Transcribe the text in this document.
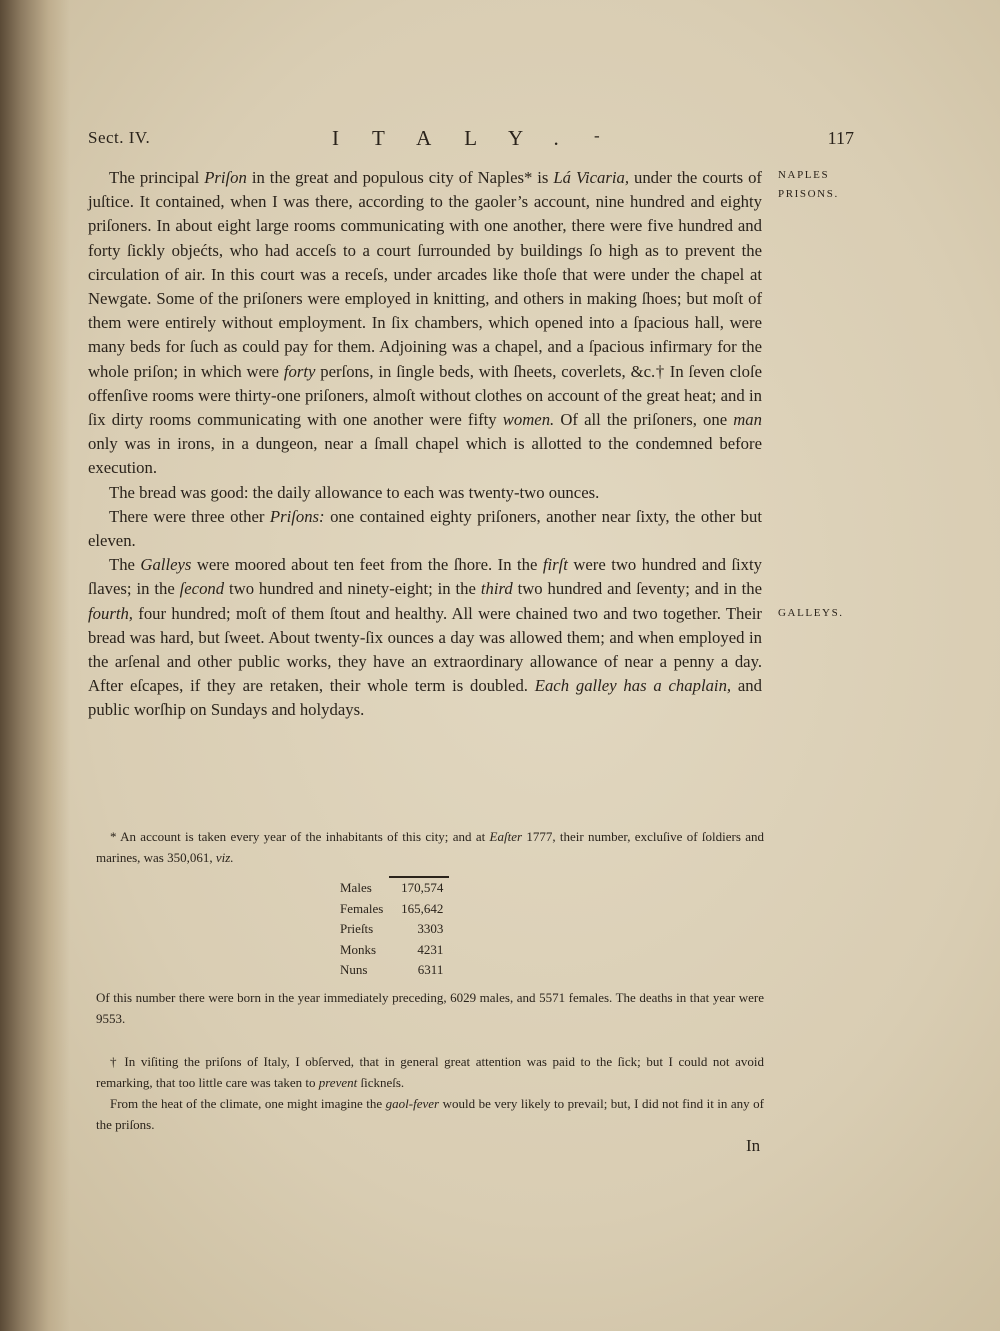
Sect. IV.	ITALY. -	117
NAPLES
PRISONS.
GALLEYS.

The principal Priſon in the great and populous city of Naples* is Lá Vicaria, under the courts of juſtice. It contained, when I was there, according to the gaoler’s account, nine hundred and eighty priſoners. In about eight large rooms communicating with one another, there were five hundred and forty ſickly objećts, who had acceſs to a court ſurrounded by buildings ſo high as to prevent the circulation of air. In this court was a receſs, under arcades like thoſe that were under the chapel at Newgate. Some of the priſoners were employed in knitting, and others in making ſhoes; but moſt of them were entirely without employment. In ſix chambers, which opened into a ſpacious hall, were many beds for ſuch as could pay for them. Adjoining was a chapel, and a ſpacious infirmary for the whole priſon; in which were forty perſons, in ſingle beds, with ſheets, coverlets, &c.† In ſeven cloſe offenſive rooms were thirty-one priſoners, almoſt without clothes on account of the great heat; and in ſix dirty rooms communicating with one another were fifty women. Of all the priſoners, one man only was in irons, in a dungeon, near a ſmall chapel which is allotted to the condemned before execution.

The bread was good: the daily allowance to each was twenty-two ounces.

There were three other Priſons: one contained eighty priſoners, another near ſixty, the other but eleven.

The Galleys were moored about ten feet from the ſhore. In the firſt were two hundred and ſixty ſlaves; in the ſecond two hundred and ninety-eight; in the third two hundred and ſeventy; and in the fourth, four hundred; moſt of them ſtout and healthy. All were chained two and two together. Their bread was hard, but ſweet. About twenty-ſix ounces a day was allowed them; and when employed in the arſenal and other public works, they have an extraordinary allowance of near a penny a day. After eſcapes, if they are retaken, their whole term is doubled. Each galley has a chaplain, and public worſhip on Sundays and holydays.

* An account is taken every year of the inhabitants of this city; and at Eaſter 1777, their number, excluſive of ſoldiers and marines, was 350,061, viz.

Males	170,574
Females	165,642
Prieſts	3303
Monks	4231
Nuns	6311

Of this number there were born in the year immediately preceding, 6029 males, and 5571 females. The deaths in that year were 9553.

† In viſiting the priſons of Italy, I obſerved, that in general great attention was paid to the ſick; but I could not avoid remarking, that too little care was taken to prevent ſickneſs.

From the heat of the climate, one might imagine the gaol-fever would be very likely to prevail; but, I did not find it in any of the priſons.

In
